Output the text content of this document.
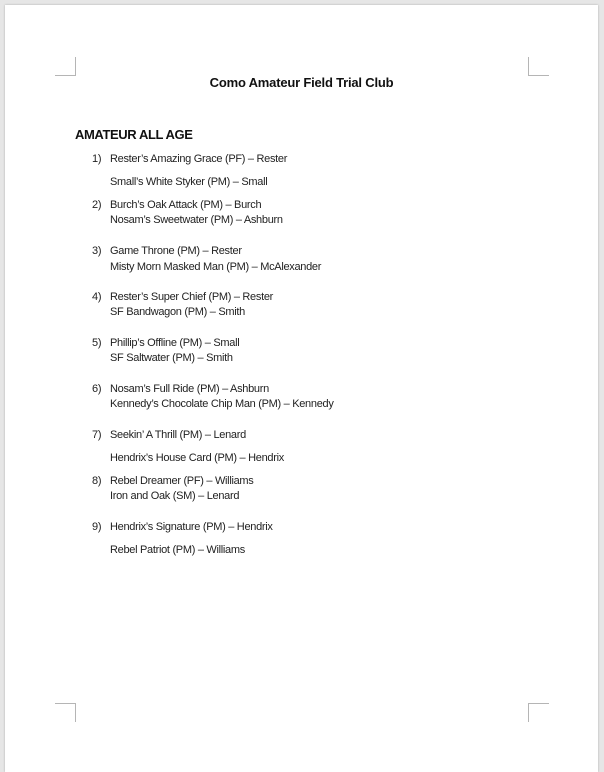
Como Amateur Field Trial Club
AMATEUR ALL AGE
1) Rester’s Amazing Grace (PF) – Rester
Small’s White Styker (PM) – Small
2) Burch’s Oak Attack (PM) – Burch
Nosam’s Sweetwater (PM) – Ashburn
3) Game Throne (PM) – Rester
Misty Morn Masked Man (PM) – McAlexander
4) Rester’s Super Chief (PM) – Rester
SF Bandwagon (PM) – Smith
5) Phillip’s Offline (PM) – Small
SF Saltwater (PM) – Smith
6) Nosam’s Full Ride (PM) – Ashburn
Kennedy’s Chocolate Chip Man (PM) – Kennedy
7) Seekin’ A Thrill (PM) – Lenard
Hendrix’s House Card (PM) – Hendrix
8) Rebel Dreamer (PF) – Williams
Iron and Oak (SM) – Lenard
9) Hendrix’s Signature (PM) – Hendrix
Rebel Patriot (PM) – Williams
